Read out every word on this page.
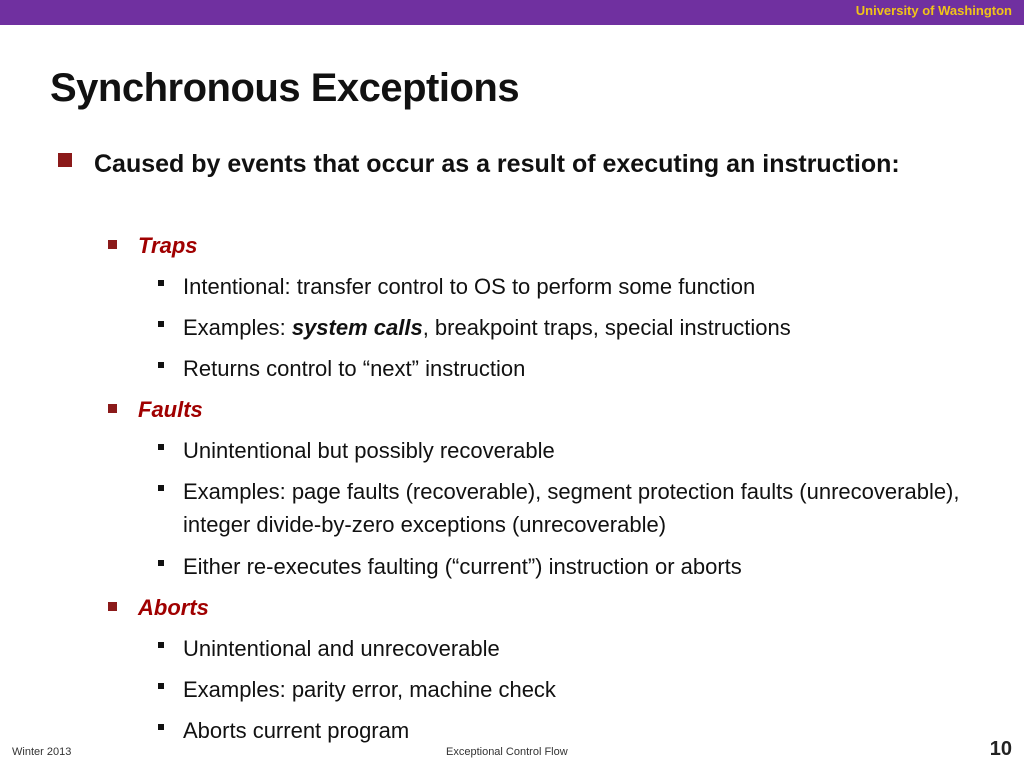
University of Washington
Synchronous Exceptions
Caused by events that occur as a result of executing an instruction:
Traps
Intentional: transfer control to OS to perform some function
Examples: system calls, breakpoint traps, special instructions
Returns control to “next” instruction
Faults
Unintentional but possibly recoverable
Examples: page faults (recoverable), segment protection faults (unrecoverable), integer divide-by-zero exceptions (unrecoverable)
Either re-executes faulting (“current”) instruction or aborts
Aborts
Unintentional and unrecoverable
Examples: parity error, machine check
Aborts current program
Winter 2013	Exceptional Control Flow	10
